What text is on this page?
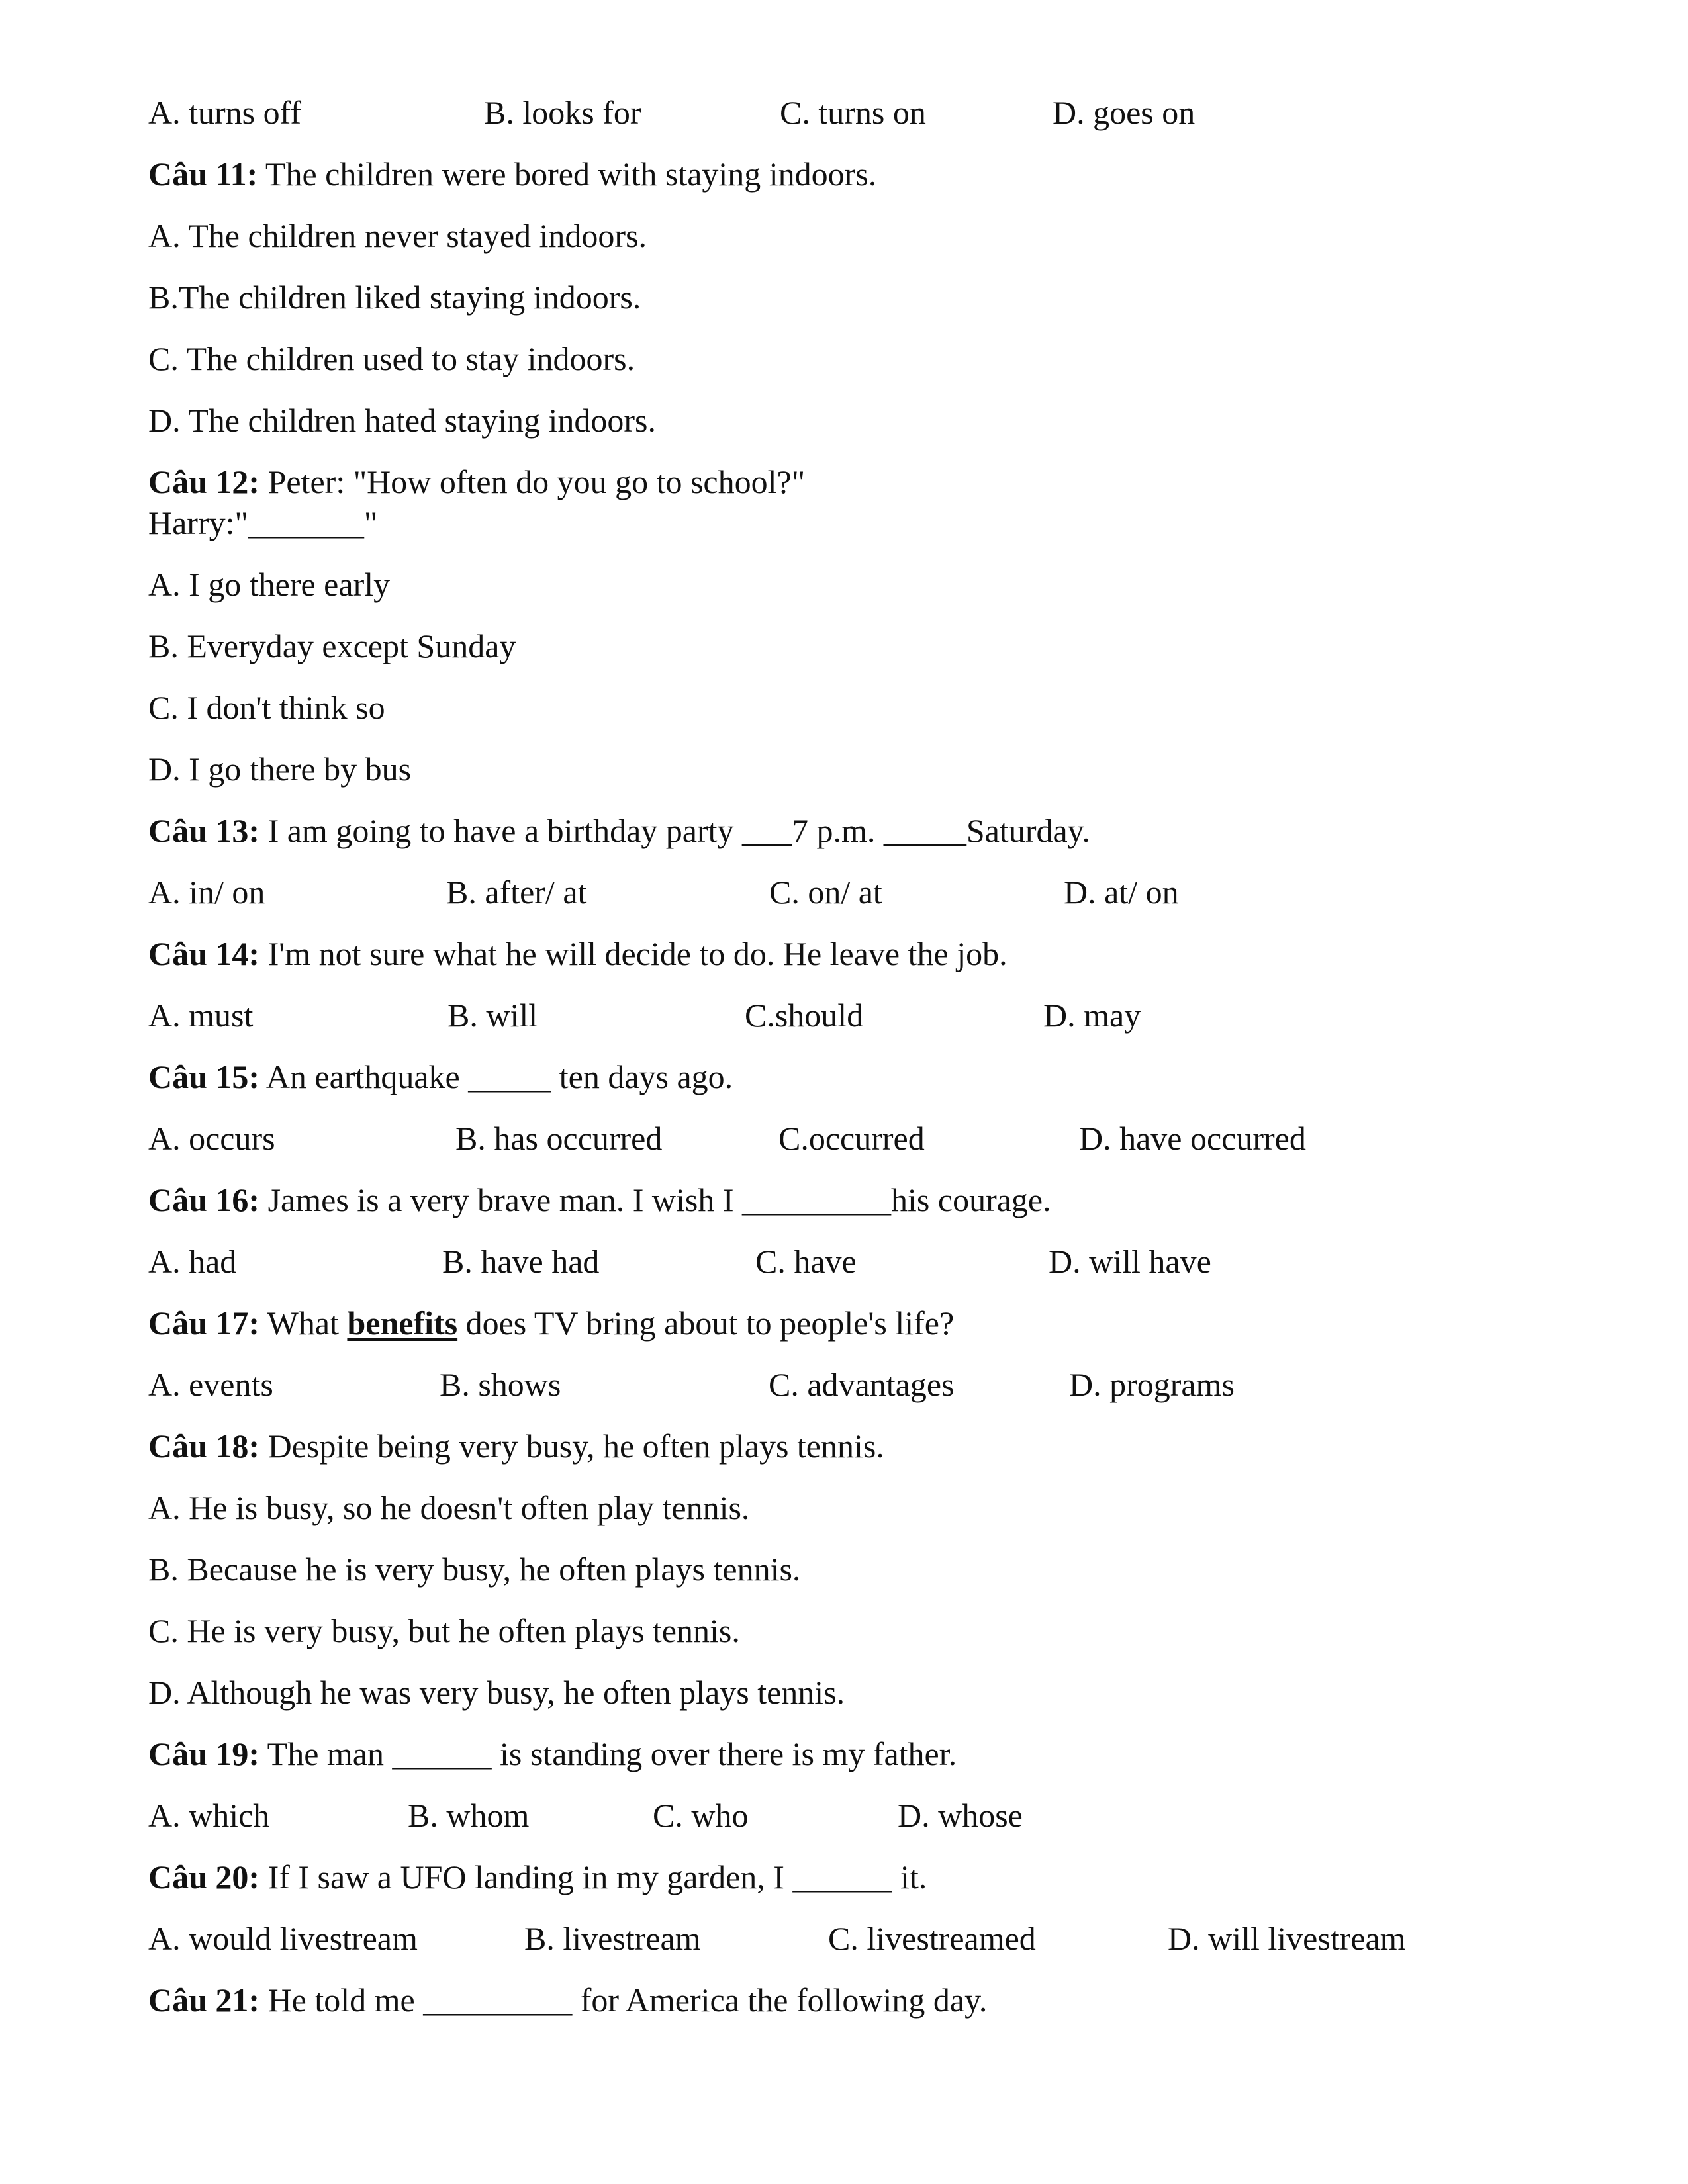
A. turns off	B. looks for	C. turns on	D. goes on
Câu 11: The children were bored with staying indoors.
A. The children never stayed indoors.
B.The children liked staying indoors.
C. The children used to stay indoors.
D. The children hated staying indoors.
Câu 12: Peter: "How often do you go to school?"
Harry:"_______"
A. I go there early
B. Everyday except Sunday
C. I don't think so
D. I go there by bus
Câu 13: I am going to have a birthday party ___7 p.m. _____Saturday.
A. in/ on	B. after/ at	C. on/ at	D. at/ on
Câu 14: I'm not sure what he will decide to do. He leave the job.
A. must	B. will	C.should	D. may
Câu 15: An earthquake _____ ten days ago.
A. occurs	B. has occurred	C.occurred	D. have occurred
Câu 16: James is a very brave man. I wish I _________his courage.
A. had	B. have had	C. have	D. will have
Câu 17: What benefits does TV bring about to people's life?
A. events	B. shows	C. advantages	D. programs
Câu 18: Despite being very busy, he often plays tennis.
A. He is busy, so he doesn't often play tennis.
B. Because he is very busy, he often plays tennis.
C. He is very busy, but he often plays tennis.
D. Although he was very busy, he often plays tennis.
Câu 19: The man ______ is standing over there is my father.
A. which	B. whom	C. who	D. whose
Câu 20: If I saw a UFO landing in my garden, I ______ it.
A. would livestream	B. livestream	C. livestreamed	D. will livestream
Câu 21: He told me _________ for America the following day.
